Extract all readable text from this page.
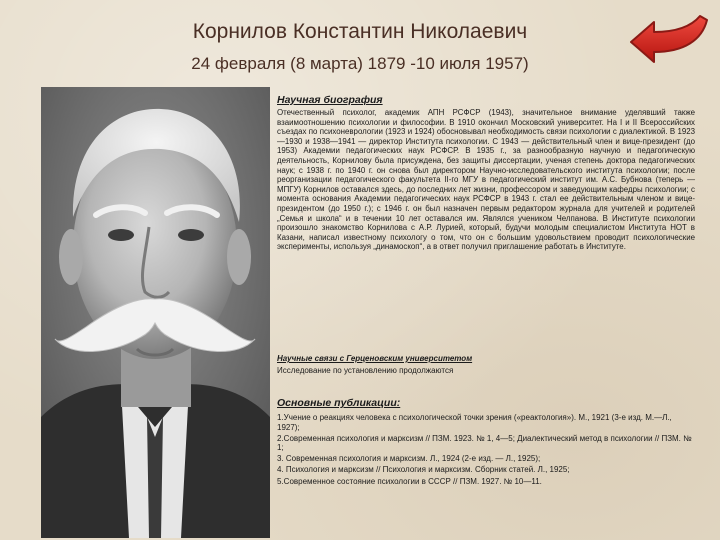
Корнилов Константин Николаевич
24 февраля (8 марта) 1879 -10 июля 1957)

Научная биография

Отечественный психолог, академик АПН РСФСР (1943), значительное внимание уделявший также взаимоотношению психологии и философии. В 1910 окончил Московский университет. На I и II Всероссийских съездах по психоневрологии (1923 и 1924) обосновывал необходимость связи психологии с диалектикой. В 1923—1930 и 1938—1941 — директор Института психологии. С 1943 — действительный член и вице-президент (до 1953) Академии педагогических наук РСФСР. В 1935 г., за разнообразную научную и педагогическую деятельность, Корнилову была присуждена, без защиты диссертации, ученая степень доктора педагогических наук; с 1938 г. по 1940 г. он снова был директором Научно-исследовательского института психологии; после реорганизации педагогического факультета II-го МГУ в педагогический институт им. А.С. Бубнова (теперь — МПГУ) Корнилов оставался здесь, до последних лет жизни, профессором и заведующим кафедры психологии; с момента основания Академии педагогических наук РСФСР в 1943 г. стал ее действительным членом и вице-президентом (до 1950 г.); с 1946 г. он был назначен первым редактором журнала для учителей и родителей „Семья и школа“ и в течении 10 лет оставался им. Являлся учеником Челпанова. В Институте психологии произошло знакомство Корнилова с А.Р. Лурией, который, будучи молодым специалистом Института НОТ в Казани, написал известному психологу о том, что он с большим удовольствием проводит психологические эксперименты, используя „динамоскоп“, а в ответ получил приглашение работать в Институте.

Научные связи с Герценовским университетом

Исследование по установлению продолжаются

Основные публикации:

1.Учение о реакциях человека с психологической точки зрения («реактология»). М., 1921 (3-е изд. М.—Л., 1927);
2.Современная психология и марксизм // ПЗМ. 1923. № 1, 4—5; Диалектический метод в психологии // ПЗМ. № 1;
3. Современная психология и марксизм. Л., 1924 (2-е изд. — Л., 1925);
4. Психология и марксизм // Психология и марксизм. Сборник статей. Л., 1925;
5.Современное состояние психологии в СССР // ПЗМ. 1927. № 10—11.
